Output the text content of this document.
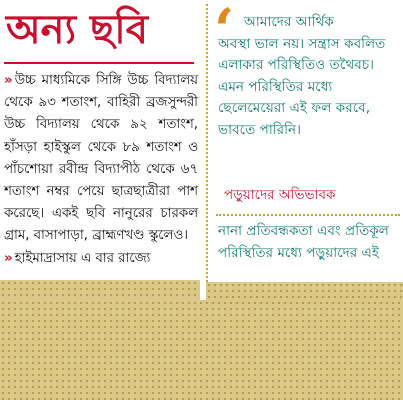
অন্য ছবি
» উচ্চ মাধ্যমিকে সিঙ্গি উচ্চ বিদ্যালয় থেকে ৯৩ শতাংশ, বাহিরী ব্রজসুন্দরী উচ্চ বিদ্যালয় থেকে ৯২ শতাংশ, হাঁসড়া হাইস্কুল থেকে ৮৯ শতাংশ ও পাঁচশোয়া রবীন্দ্র বিদ্যাপীঠ থেকে ৬৭ শতাংশ নম্বর পেয়ে ছাত্রছাত্রীরা পাশ করেছে। একই ছবি নানুরের চারকল গ্রাম, বাসাপাড়া, ব্রাহ্মণখণ্ড স্কুলেও।
» হাইমাদ্রাসায় এ বার রাজ্যে
‘ আমাদের আর্থিক
অবস্থা ভাল নয়। সন্ত্রাস কবলিত এলাকার পরিস্থিতিও তথৈবচ। এমন পরিস্থিতির মধ্যে ছেলেমেয়েরা এই ফল করবে, ভাবতে পারিনি।
পড়ুয়াদের অভিভাবক
নানা প্রতিবন্ধকতা এবং প্রতিকূল পরিস্থিতির মধ্যে পড়ুয়াদের এই
